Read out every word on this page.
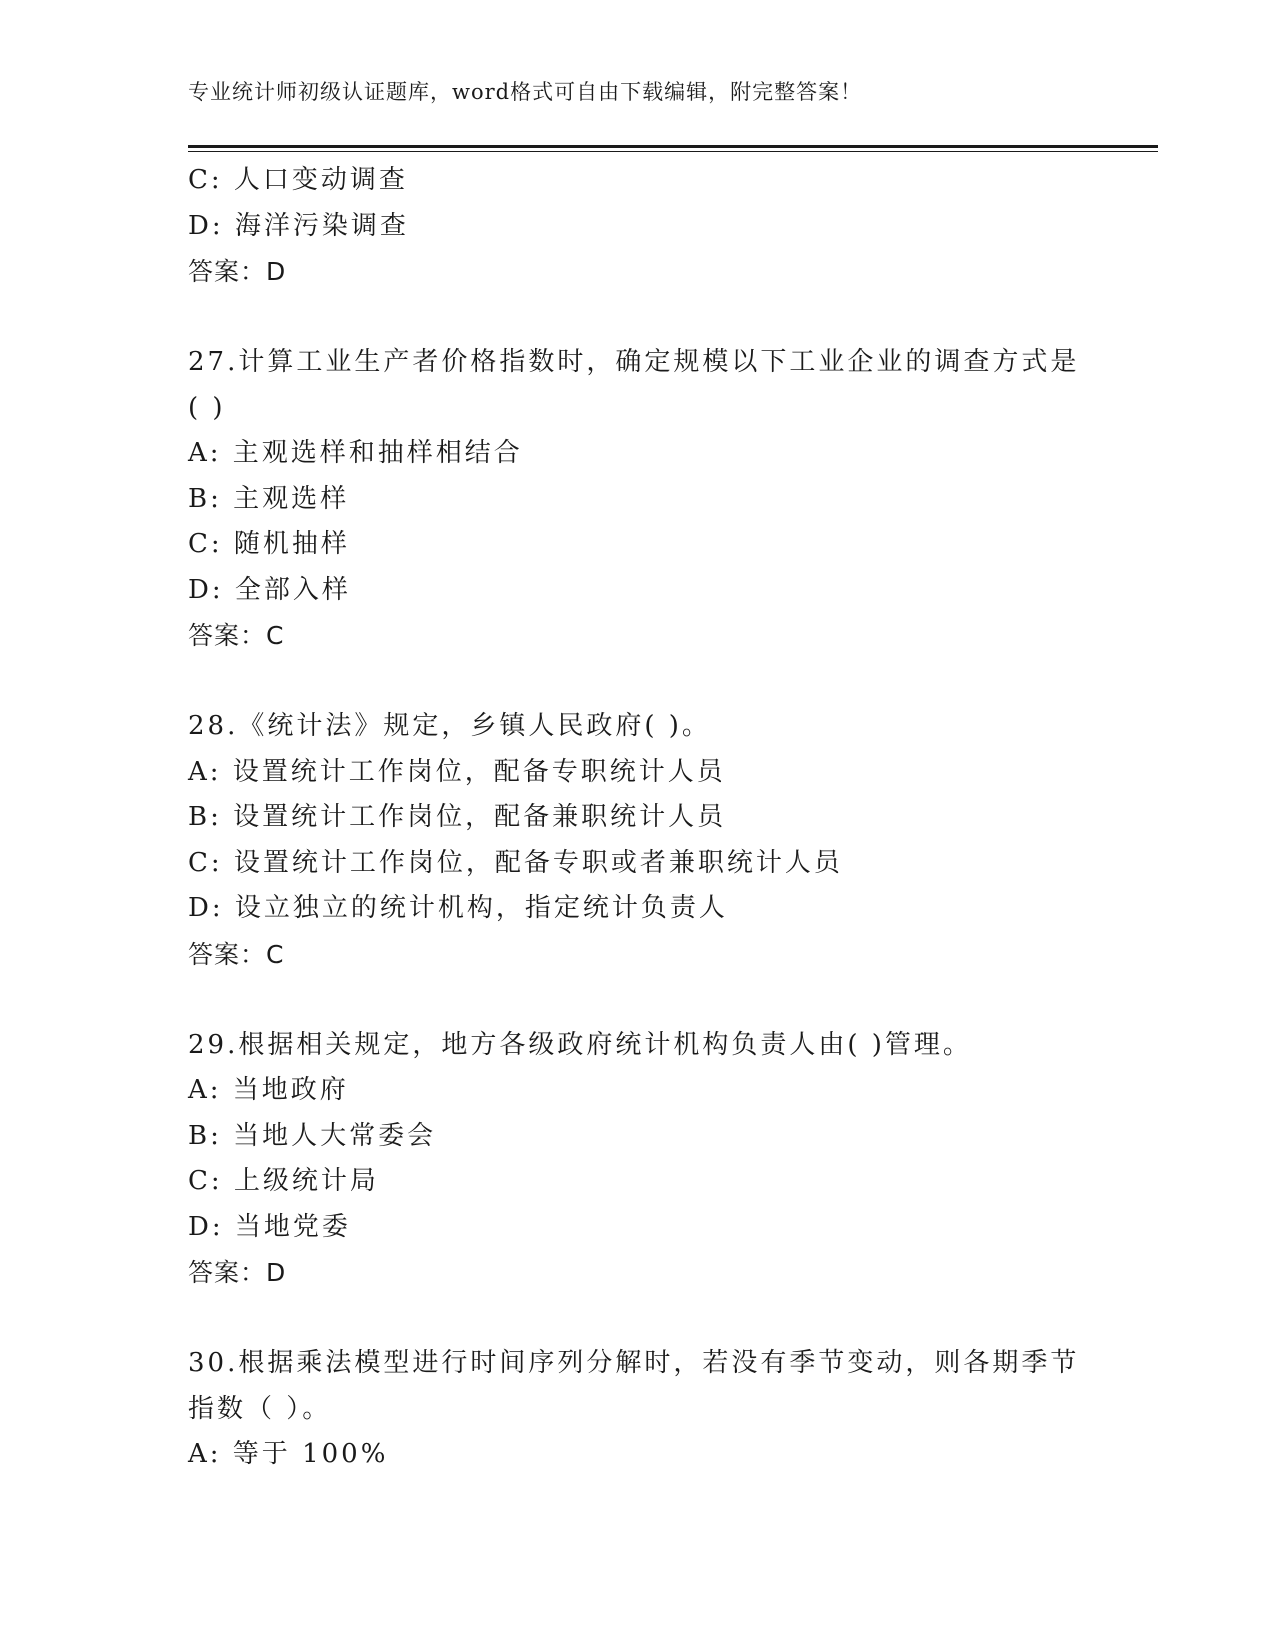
专业统计师初级认证题库，word格式可自由下载编辑，附完整答案！
C: 人口变动调查
D: 海洋污染调查
答案：D
27.计算工业生产者价格指数时，确定规模以下工业企业的调查方式是
( )
A: 主观选样和抽样相结合
B: 主观选样
C: 随机抽样
D: 全部入样
答案：C
28.《统计法》规定，乡镇人民政府( )。
A: 设置统计工作岗位，配备专职统计人员
B: 设置统计工作岗位，配备兼职统计人员
C: 设置统计工作岗位，配备专职或者兼职统计人员
D: 设立独立的统计机构，指定统计负责人
答案：C
29.根据相关规定，地方各级政府统计机构负责人由( )管理。
A: 当地政府
B: 当地人大常委会
C: 上级统计局
D: 当地党委
答案：D
30.根据乘法模型进行时间序列分解时，若没有季节变动，则各期季节
指数（ ）。
A: 等于 100%
